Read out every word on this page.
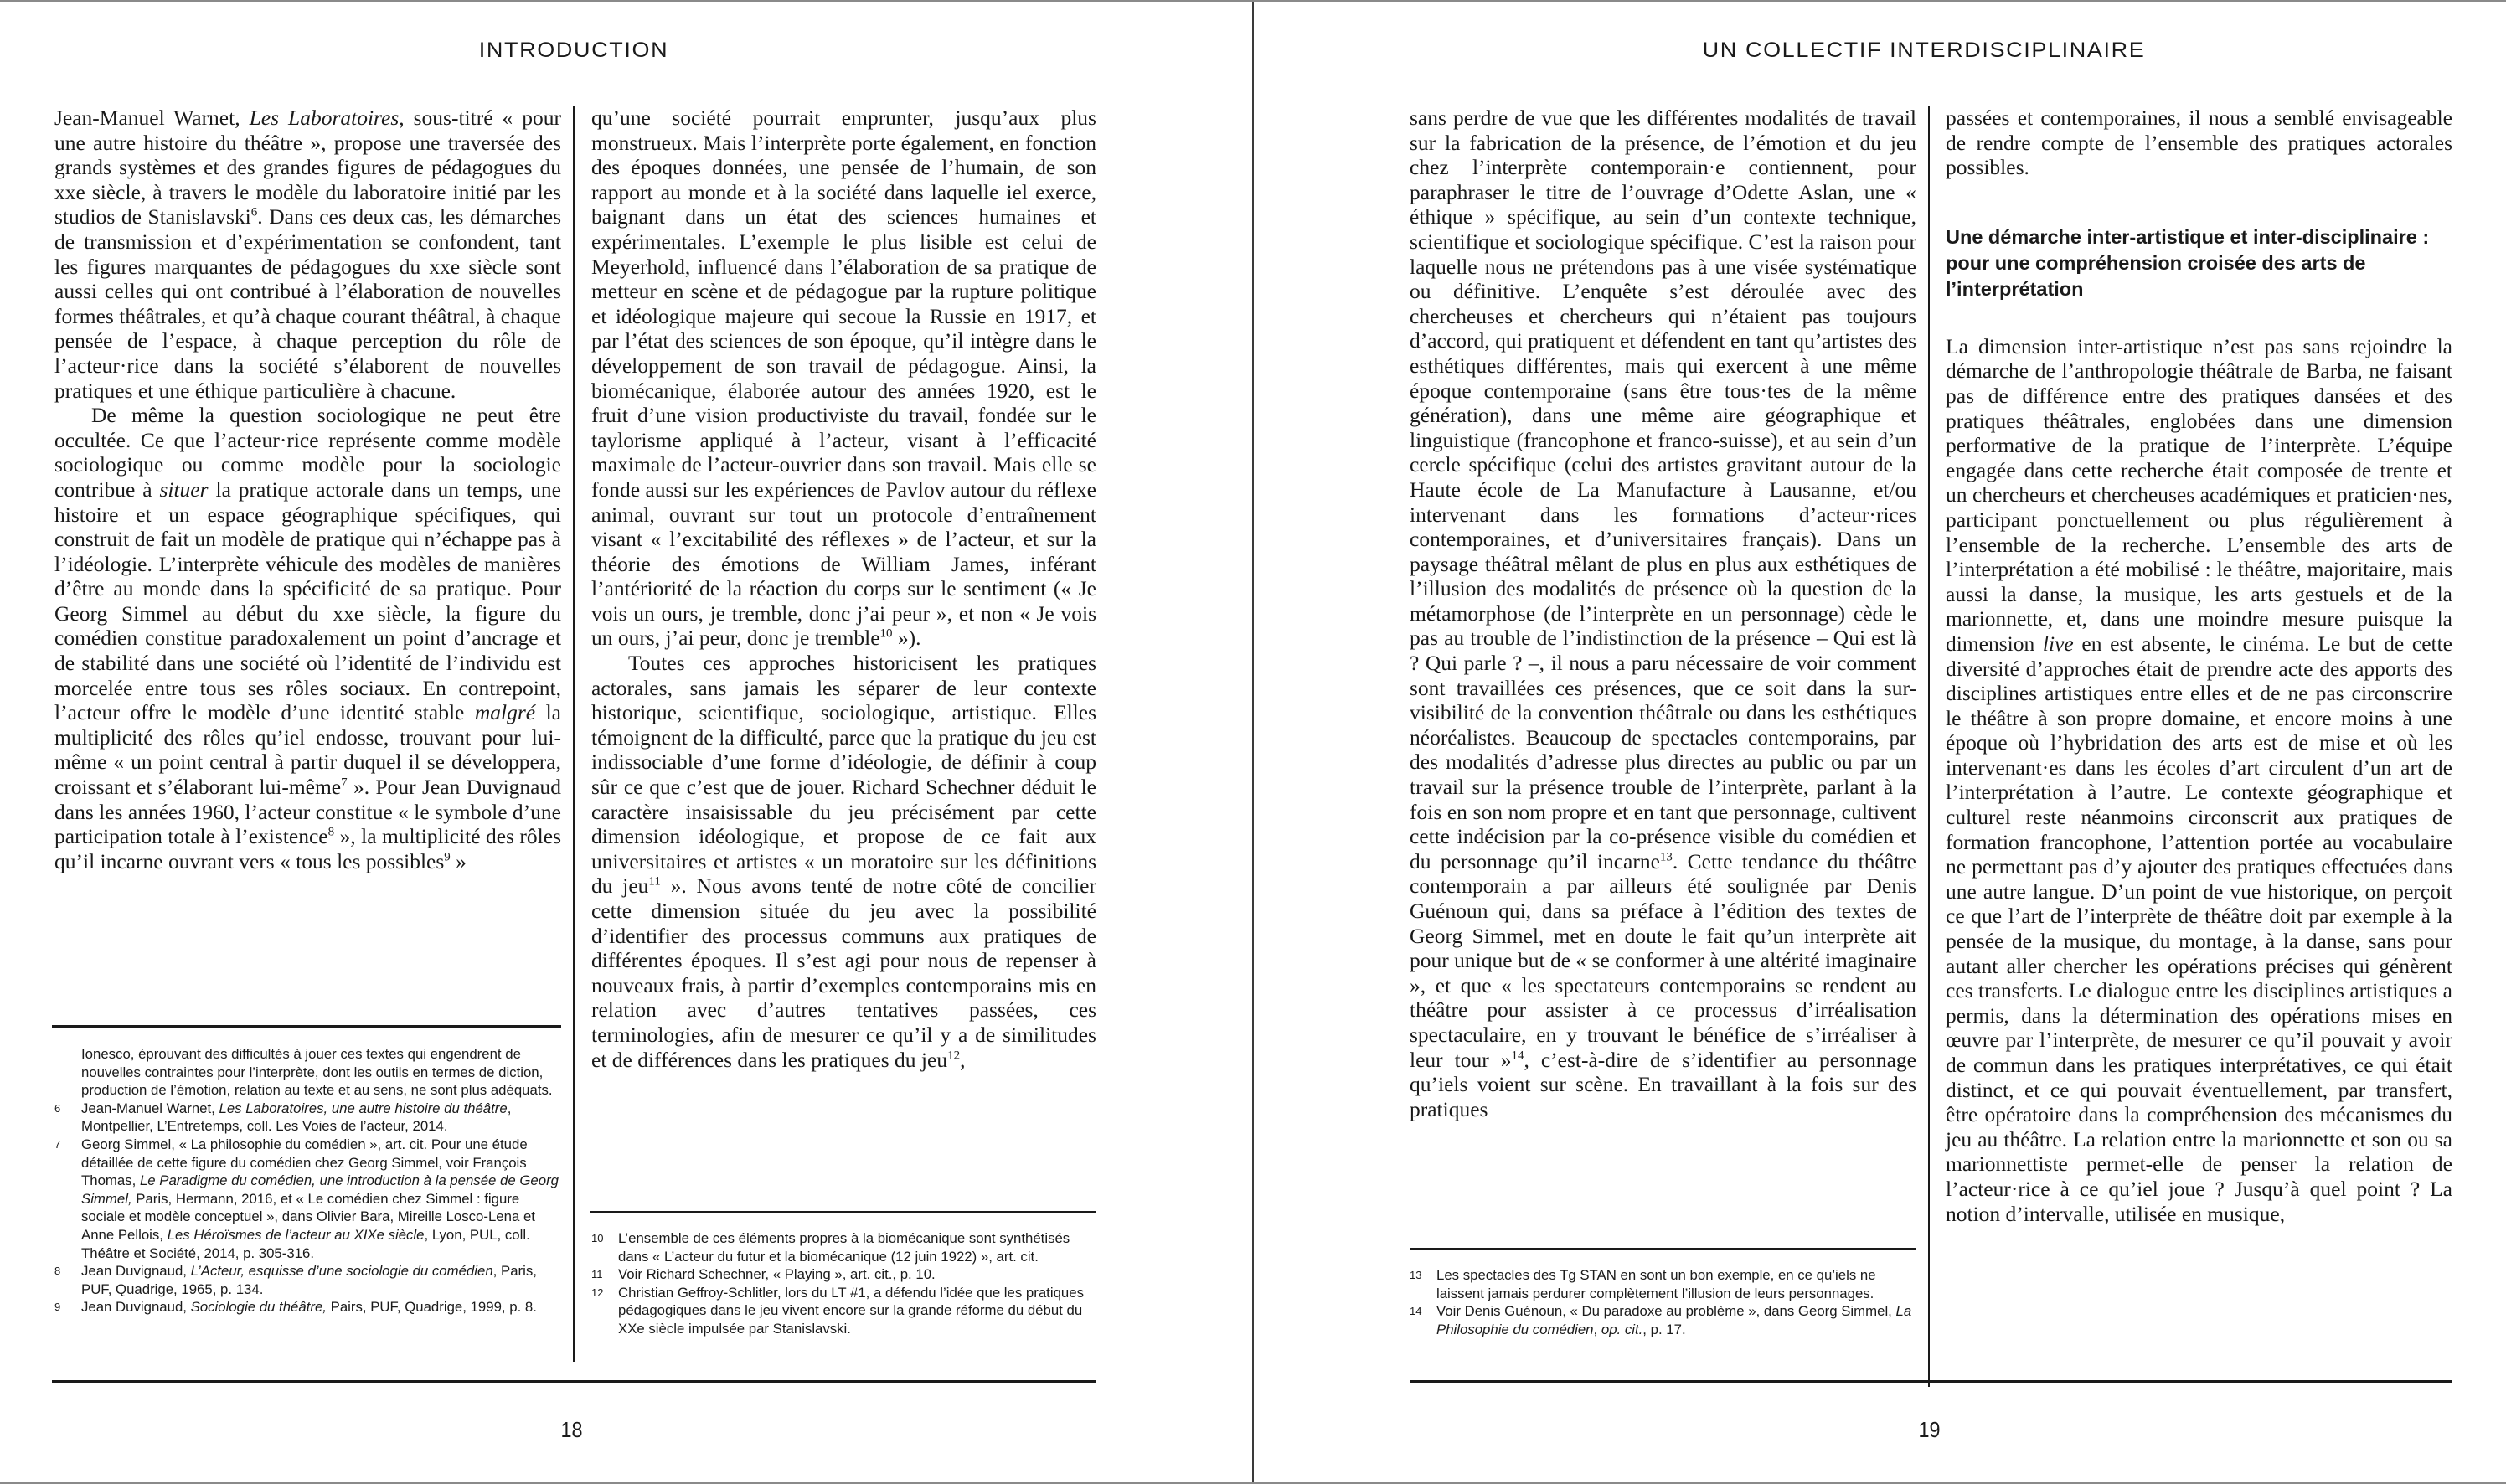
INTRODUCTION

Jean-Manuel Warnet, Les Laboratoires, sous-titré « pour une autre histoire du théâtre », propose une traversée des grands systèmes et des grandes figures de pédagogues du xxe siècle, à travers le modèle du laboratoire initié par les studios de Stanislavski$^6$. Dans ces deux cas, les démarches de transmission et d’expérimentation se confondent, tant les figures marquantes de pédagogues du xxe siècle sont aussi celles qui ont contribué à l’élaboration de nouvelles formes théâtrales, et qu’à chaque courant théâtral, à chaque pensée de l’espace, à chaque perception du rôle de l’acteur·rice dans la société s’élaborent de nouvelles pratiques et une éthique particulière à chacune.

De même la question sociologique ne peut être occultée. Ce que l’acteur·rice représente comme modèle sociologique ou comme modèle pour la sociologie contribue à situer la pratique actorale dans un temps, une histoire et un espace géographique spécifiques, qui construit de fait un modèle de pratique qui n’échappe pas à l’idéologie. L’interprète véhicule des modèles de manières d’être au monde dans la spécificité de sa pratique. Pour Georg Simmel au début du xxe siècle, la figure du comédien constitue paradoxalement un point d’ancrage et de stabilité dans une société où l’identité de l’individu est morcelée entre tous ses rôles sociaux. En contrepoint, l’acteur offre le modèle d’une identité stable malgré la multiplicité des rôles qu’iel endosse, trouvant pour lui-même « un point central à partir duquel il se développera, croissant et s’élaborant lui-même$^7$ ». Pour Jean Duvignaud dans les années 1960, l’acteur constitue « le symbole d’une participation totale à l’existence$^8$ », la multiplicité des rôles qu’il incarne ouvrant vers « tous les possibles$^9$ »

qu’une société pourrait emprunter, jusqu’aux plus monstrueux. Mais l’interprète porte également, en fonction des époques données, une pensée de l’humain, de son rapport au monde et à la société dans laquelle iel exerce, baignant dans un état des sciences humaines et expérimentales. L’exemple le plus lisible est celui de Meyerhold, influencé dans l’élaboration de sa pratique de metteur en scène et de pédagogue par la rupture politique et idéologique majeure qui secoue la Russie en 1917, et par l’état des sciences de son époque, qu’il intègre dans le développement de son travail de pédagogue. Ainsi, la biomécanique, élaborée autour des années 1920, est le fruit d’une vision productiviste du travail, fondée sur le taylorisme appliqué à l’acteur, visant à l’efficacité maximale de l’acteur-ouvrier dans son travail. Mais elle se fonde aussi sur les expériences de Pavlov autour du réflexe animal, ouvrant sur tout un protocole d’entraînement visant « l’excitabilité des réflexes » de l’acteur, et sur la théorie des émotions de William James, inférant l’antériorité de la réaction du corps sur le sentiment (« Je vois un ours, je tremble, donc j’ai peur », et non « Je vois un ours, j’ai peur, donc je tremble$^{10}$ »).

Toutes ces approches historicisent les pratiques actorales, sans jamais les séparer de leur contexte historique, scientifique, sociologique, artistique. Elles témoignent de la difficulté, parce que la pratique du jeu est indissociable d’une forme d’idéologie, de définir à coup sûr ce que c’est que de jouer. Richard Schechner déduit le caractère insaisissable du jeu précisément par cette dimension idéologique, et propose de ce fait aux universitaires et artistes « un moratoire sur les définitions du jeu$^{11}$ ». Nous avons tenté de notre côté de concilier cette dimension située du jeu avec la possibilité d’identifier des processus communs aux pratiques de différentes époques. Il s’est agi pour nous de repenser à nouveaux frais, à partir d’exemples contemporains mis en relation avec d’autres tentatives passées, ces terminologies, afin de mesurer ce qu’il y a de similitudes et de différences dans les pratiques du jeu$^{12}$,

Ionesco, éprouvant des difficultés à jouer ces textes qui engendrent de nouvelles contraintes pour l’interprète, dont les outils en termes de diction, production de l’émotion, relation au texte et au sens, ne sont plus adéquats.
6	Jean-Manuel Warnet, Les Laboratoires, une autre histoire du théâtre, Montpellier, L’Entretemps, coll. Les Voies de l’acteur, 2014.
7	Georg Simmel, « La philosophie du comédien », art. cit. Pour une étude détaillée de cette figure du comédien chez Georg Simmel, voir François Thomas, Le Paradigme du comédien, une introduction à la pensée de Georg Simmel, Paris, Hermann, 2016, et « Le comédien chez Simmel : figure sociale et modèle conceptuel », dans Olivier Bara, Mireille Losco-Lena et Anne Pellois, Les Héroïsmes de l’acteur au XIXe siècle, Lyon, PUL, coll. Théâtre et Société, 2014, p. 305-316.
8	Jean Duvignaud, L’Acteur, esquisse d’une sociologie du comédien, Paris, PUF, Quadrige, 1965, p. 134.
9	Jean Duvignaud, Sociologie du théâtre, Pairs, PUF, Quadrige, 1999, p. 8.
10	L’ensemble de ces éléments propres à la biomécanique sont synthétisés dans « L’acteur du futur et la biomécanique (12 juin 1922) », art. cit.
11	Voir Richard Schechner, « Playing », art. cit., p. 10.
12	Christian Geffroy-Schlitler, lors du LT #1, a défendu l’idée que les pratiques pédagogiques dans le jeu vivent encore sur la grande réforme du début du XXe siècle impulsée par Stanislavski.
18
UN COLLECTIF INTERDISCIPLINAIRE

sans perdre de vue que les différentes modalités de travail sur la fabrication de la présence, de l’émotion et du jeu chez l’interprète contemporain·e contiennent, pour paraphraser le titre de l’ouvrage d’Odette Aslan, une « éthique » spécifique, au sein d’un contexte technique, scientifique et sociologique spécifique. C’est la raison pour laquelle nous ne prétendons pas à une visée systématique ou définitive. L’enquête s’est déroulée avec des chercheuses et chercheurs qui n’étaient pas toujours d’accord, qui pratiquent et défendent en tant qu’artistes des esthétiques différentes, mais qui exercent à une même époque contemporaine (sans être tous·tes de la même génération), dans une même aire géographique et linguistique (francophone et franco-suisse), et au sein d’un cercle spécifique (celui des artistes gravitant autour de la Haute école de La Manufacture à Lausanne, et/ou intervenant dans les formations d’acteur·rices contemporaines, et d’universitaires français). Dans un paysage théâtral mêlant de plus en plus aux esthétiques de l’illusion des modalités de présence où la question de la métamorphose (de l’interprète en un personnage) cède le pas au trouble de l’indistinction de la présence – Qui est là ? Qui parle ? –, il nous a paru nécessaire de voir comment sont travaillées ces présences, que ce soit dans la sur-visibilité de la convention théâtrale ou dans les esthétiques néoréalistes. Beaucoup de spectacles contemporains, par des modalités d’adresse plus directes au public ou par un travail sur la présence trouble de l’interprète, parlant à la fois en son nom propre et en tant que personnage, cultivent cette indécision par la co-présence visible du comédien et du personnage qu’il incarne$^{13}$. Cette tendance du théâtre contemporain a par ailleurs été soulignée par Denis Guénoun qui, dans sa préface à l’édition des textes de Georg Simmel, met en doute le fait qu’un interprète ait pour unique but de « se conformer à une altérité imaginaire », et que « les spectateurs contemporains se rendent au théâtre pour assister à ce processus d’irréalisation spectaculaire, en y trouvant le bénéfice de s’irréaliser à leur tour »$^{14}$, c’est-à-dire de s’identifier au personnage qu’iels voient sur scène. En travaillant à la fois sur des pratiques

passées et contemporaines, il nous a semblé envisageable de rendre compte de l’ensemble des pratiques actorales possibles.

Une démarche inter-artistique et inter-disciplinaire : pour une compréhension croisée des arts de l’interprétation

La dimension inter-artistique n’est pas sans rejoindre la démarche de l’anthropologie théâtrale de Barba, ne faisant pas de différence entre des pratiques dansées et des pratiques théâtrales, englobées dans une dimension performative de la pratique de l’interprète. L’équipe engagée dans cette recherche était composée de trente et un chercheurs et chercheuses académiques et praticien·nes, participant ponctuellement ou plus régulièrement à l’ensemble de la recherche. L’ensemble des arts de l’interprétation a été mobilisé : le théâtre, majoritaire, mais aussi la danse, la musique, les arts gestuels et de la marionnette, et, dans une moindre mesure puisque la dimension live en est absente, le cinéma. Le but de cette diversité d’approches était de prendre acte des apports des disciplines artistiques entre elles et de ne pas circonscrire le théâtre à son propre domaine, et encore moins à une époque où l’hybridation des arts est de mise et où les intervenant·es dans les écoles d’art circulent d’un art de l’interprétation à l’autre. Le contexte géographique et culturel reste néanmoins circonscrit aux pratiques de formation francophone, l’attention portée au vocabulaire ne permettant pas d’y ajouter des pratiques effectuées dans une autre langue. D’un point de vue historique, on perçoit ce que l’art de l’interprète de théâtre doit par exemple à la pensée de la musique, du montage, à la danse, sans pour autant aller chercher les opérations précises qui génèrent ces transferts. Le dialogue entre les disciplines artistiques a permis, dans la détermination des opérations mises en œuvre par l’interprète, de mesurer ce qu’il pouvait y avoir de commun dans les pratiques interprétatives, ce qui était distinct, et ce qui pouvait éventuellement, par transfert, être opératoire dans la compréhension des mécanismes du jeu au théâtre. La relation entre la marionnette et son ou sa marionnettiste permet-elle de penser la relation de l’acteur·rice à ce qu’iel joue ? Jusqu’à quel point ? La notion d’intervalle, utilisée en musique,

13	Les spectacles des Tg STAN en sont un bon exemple, en ce qu’iels ne laissent jamais perdurer complètement l’illusion de leurs personnages.
14	Voir Denis Guénoun, « Du paradoxe au problème », dans Georg Simmel, La Philosophie du comédien, op. cit., p. 17.
19
